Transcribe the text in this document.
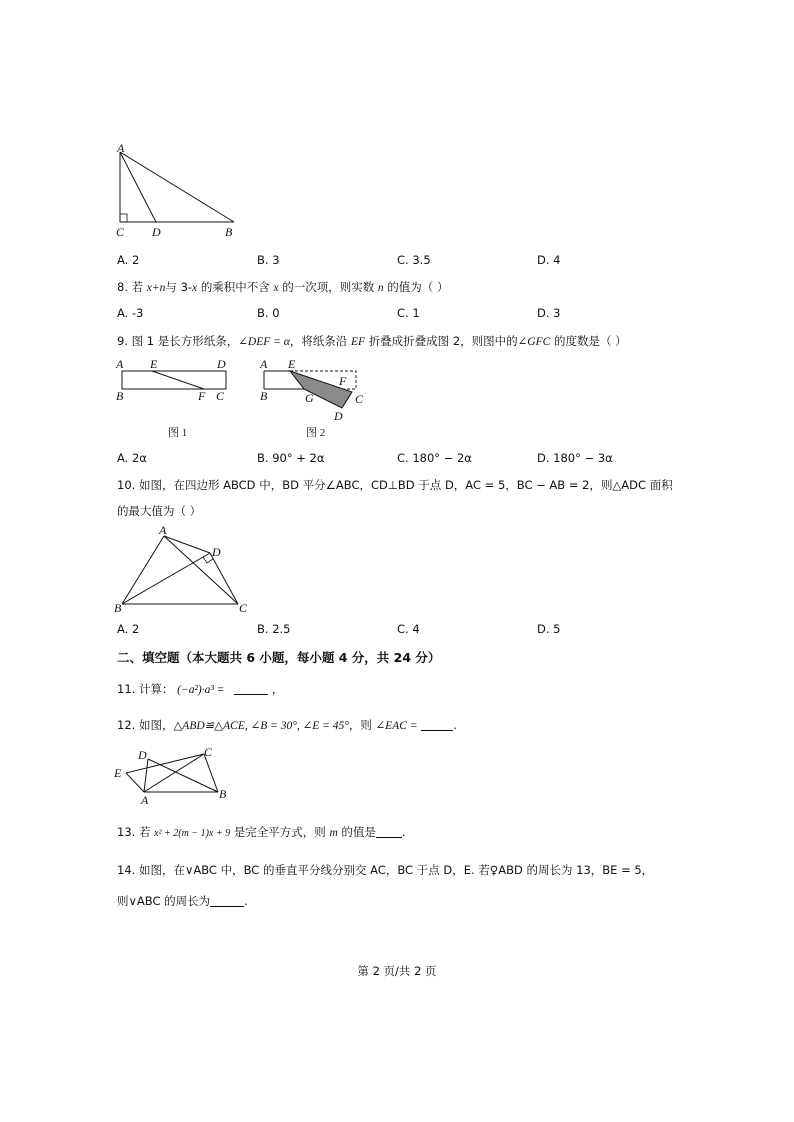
A
C D	B
A. 2	B. 3	C. 3.5	D. 4
8. 若 x+n与 3-x 的乘积中不含 x 的一次项，则实数 n 的值为（ ）
A. -3	B. 0	C. 1	D. 3
9. 图 1 是长方形纸条，∠DEF = α，将纸条沿 EF 折叠成折叠成图 2，则图中的∠GFC 的度数是（ ）
A E	D
B	F C
图 1
A E
F
B	G	C
D
图 2
A. 2α	B. 90° + 2α	C. 180° − 2α	D. 180° − 3α
10. 如图，在四边形 ABCD 中，BD 平分∠ABC，CD⊥BD 于点 D，AC = 5，BC − AB = 2，则△ADC 面积
的最大值为（ ）
A
D
B	C
A. 2	B. 2.5	C. 4	D. 5
二、填空题（本大题共 6 小题，每小题 4 分，共 24 分）
11. 计算： (−a²)·a³ =	，
12. 如图，△ABD≌△ACE, ∠B = 30°, ∠E = 45°，则 ∠EAC =	.
D	C
E
A	B
13. 若 x² + 2(m − 1)x + 9 是完全平方式，则 m 的值是 .
14. 如图，在∨ABC 中，BC 的垂直平分线分别交 AC，BC 于点 D，E. 若♀ABD 的周长为 13，BE = 5，
则∨ABC 的周长为	.
第 2 页/共 2 页
